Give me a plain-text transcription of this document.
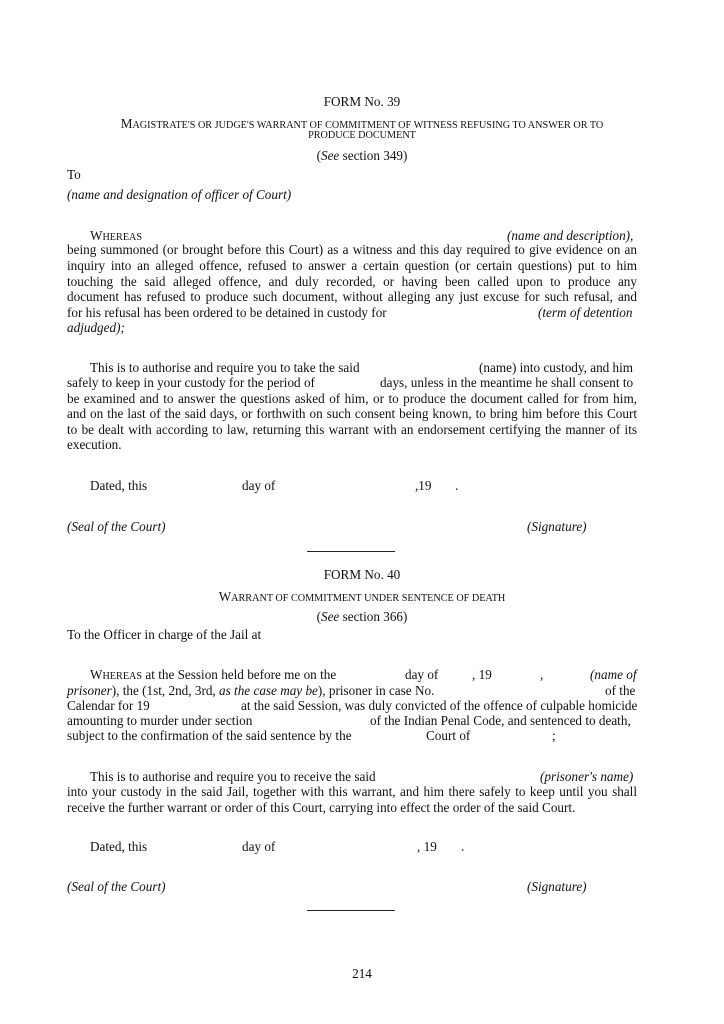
FORM No. 39
MAGISTRATE'S OR JUDGE'S WARRANT OF COMMITMENT OF WITNESS REFUSING TO ANSWER OR TO
PRODUCE DOCUMENT
(See section 349)
To
(name and designation of officer of Court)
WHEREAS	(name and description),
being summoned (or brought before this Court) as a witness and this day required to give evidence on an
inquiry into an alleged offence, refused to answer a certain question (or certain questions) put to him
touching the said alleged offence, and duly recorded, or having been called upon to produce any
document has refused to produce such document, without alleging any just excuse for such refusal, and
for his refusal has been ordered to be detained in custody for	(term of detention
adjudged);
This is to authorise and require you to take the said	(name) into custody, and him
safely to keep in your custody for the period of	days, unless in the meantime he shall consent to
be examined and to answer the questions asked of him, or to produce the document called for from him,
and on the last of the said days, or forthwith on such consent being known, to bring him before this Court
to be dealt with according to law, returning this warrant with an endorsement certifying the manner of its
execution.
Dated, this	day of	,19 .
(Seal of the Court)	(Signature)
FORM No. 40
WARRANT OF COMMITMENT UNDER SENTENCE OF DEATH
(See section 366)
To the Officer in charge of the Jail at
WHEREAS at the Session held before me on the	day of	, 19	,	(name of
prisoner), the (1st, 2nd, 3rd, as the case may be), prisoner in case No.	of the
Calendar for 19	at the said Session, was duly convicted of the offence of culpable homicide
amounting to murder under section	of the Indian Penal Code, and sentenced to death,
subject to the confirmation of the said sentence by the	Court of	;
This is to authorise and require you to receive the said	(prisoner's name)
into your custody in the said Jail, together with this warrant, and him there safely to keep until you shall
receive the further warrant or order of this Court, carrying into effect the order of the said Court.
Dated, this	day of	, 19 .
(Seal of the Court)	(Signature)
214
